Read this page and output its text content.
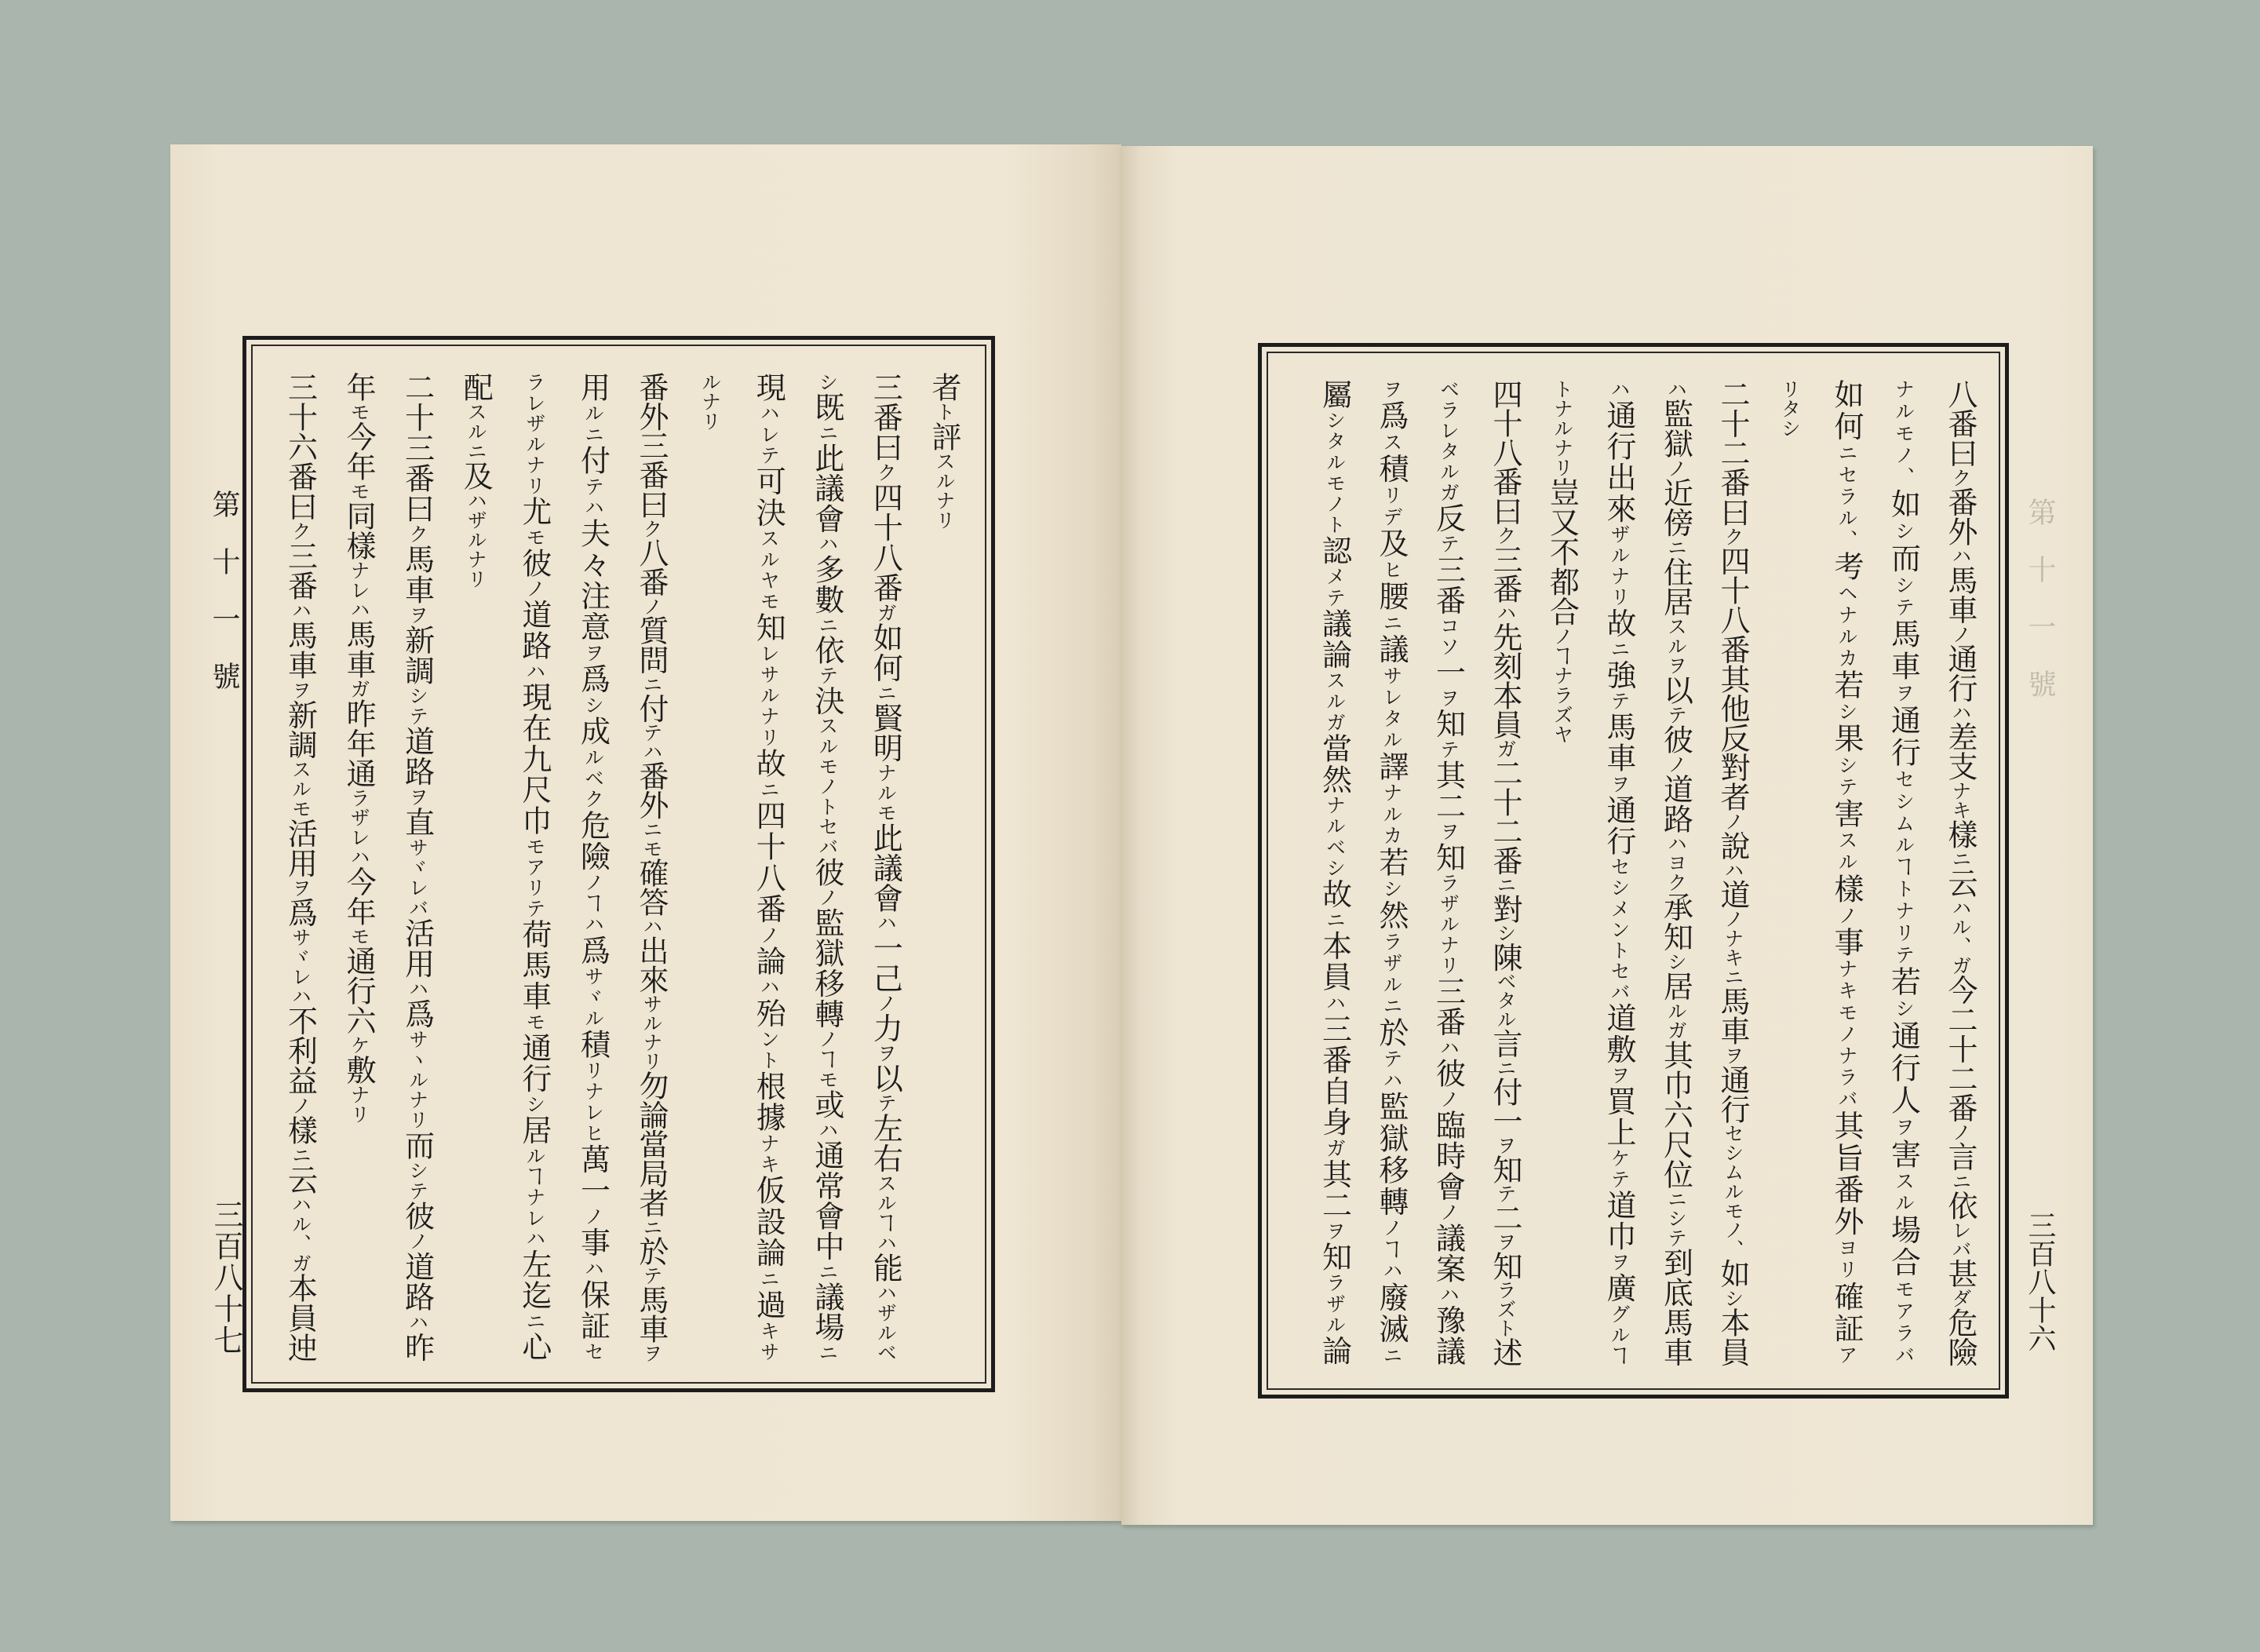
第十一號
者ト評スルナリ
三番曰ク四十八番ガ如何ニ賢明ナルモ此議會ハ一己ノ力ヲ以テ左右スルヿハ能ハザルベ
シ既ニ此議會ハ多數ニ依テ決スルモノトセバ彼ノ監獄移轉ノヿモ或ハ通常會中ニ議場ニ
現ハレテ可決スルヤモ知レサルナリ故ニ四十八番ノ論ハ殆ント根據ナキ仮設論ニ過キサ
ルナリ
番外三番曰ク八番ノ質問ニ付テハ番外ニモ確答ハ出來サルナリ勿論當局者ニ於テ馬車ヲ
用ルニ付テハ夫々注意ヲ爲シ成ルベク危險ノヿハ爲サヾル積リナレヒ萬一ノ事ハ保証セ
ラレザルナリ尤モ彼ノ道路ハ現在九尺巾モアリテ荷馬車モ通行シ居ルヿナレハ左迄ニ心
配スルニ及ハザルナリ
二十三番曰ク馬車ヲ新調シテ道路ヲ直サヾレバ活用ハ爲サヽルナリ而シテ彼ノ道路ハ昨
年モ今年モ同樣ナレハ馬車ガ昨年通ラザレハ今年モ通行六ケ敷ナリ
三十六番曰ク三番ハ馬車ヲ新調スルモ活用ヲ爲サヾレハ不利益ノ樣ニ云ハル、ガ本員迚
三百八十七
第十一號
八番曰ク番外ハ馬車ノ通行ハ差支ナキ樣ニ云ハル、ガ今二十二番ノ言ニ依レバ甚ダ危險
ナルモノ、如シ而シテ馬車ヲ通行セシムルヿトナリテ若シ通行人ヲ害スル場合モアラバ
如何ニセラル、考ヘナルカ若シ果シテ害スル樣ノ事ナキモノナラバ其旨番外ヨリ確証ア
リタシ
二十二番曰ク四十八番其他反對者ノ說ハ道ノナキニ馬車ヲ通行セシムルモノ、如シ本員
ハ監獄ノ近傍ニ住居スルヲ以テ彼ノ道路ハヨク承知シ居ルガ其巾六尺位ニシテ到底馬車
ハ通行出來ザルナリ故ニ強テ馬車ヲ通行セシメントセバ道敷ヲ買上ケテ道巾ヲ廣グルヿ
トナルナリ豈又不都合ノヿナラズヤ
四十八番曰ク三番ハ先刻本員ガ二十二番ニ對シ陳ベタル言ニ付一ヲ知テ二ヲ知ラズト述
ベラレタルガ反テ三番コソ一ヲ知テ其二ヲ知ラザルナリ三番ハ彼ノ臨時會ノ議案ハ豫議
ヲ爲ス積リデ及ヒ腰ニ議サレタル譯ナルカ若シ然ラザルニ於テハ監獄移轉ノヿハ廢滅ニ
屬シタルモノト認メテ議論スルガ當然ナルベシ故ニ本員ハ三番自身ガ其二ヲ知ラザル論	三百八十六
